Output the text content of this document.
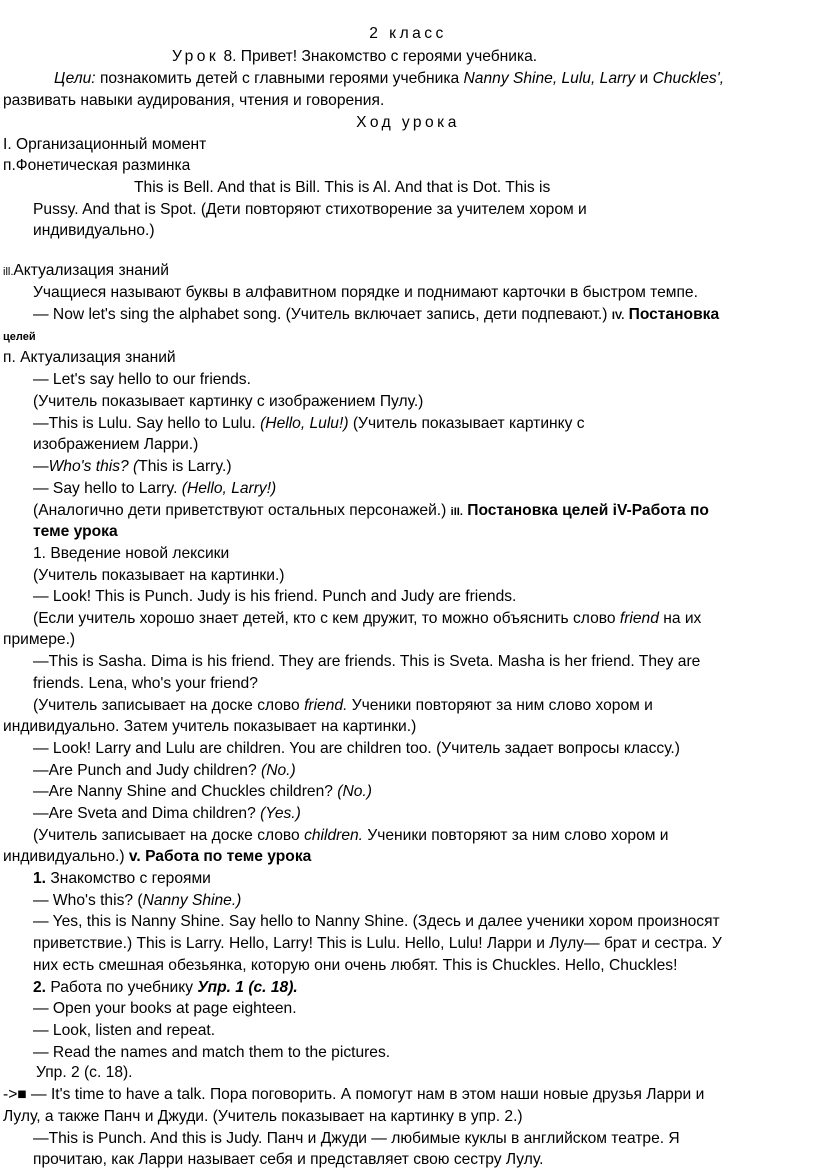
2 класс
Урок 8. Привет! Знакомство с героями учебника.
Цели: познакомить детей с главными героями учебника Nanny Shine, Lulu, Larry и Chuckles',
развивать навыки аудирования, чтения и говорения.
Ход урока
I. Организационный момент
п.Фонетическая разминка
This is Bell. And that is Bill. This is Al. And that is Dot. This is
Pussy. And that is Spot. (Дети повторяют стихотворение за учителем хором и
индивидуально.)
ill.Актуализация знаний
Учащиеся называют буквы в алфавитном порядке и поднимают карточки в быстром темпе.
— Now let's sing the alphabet song. (Учитель включает запись, дети подпевают.) IV. Постановка
целей
п. Актуализация знаний
— Let's say hello to our friends.
(Учитель показывает картинку с изображением Пулу.)
—This is Lulu. Say hello to Lulu. (Hello, Lulu!) (Учитель показывает картинку с
изображением Ларри.)
—Who's this? (This is Larry.)
— Say hello to Larry. (Hello, Larry!)
(Аналогично дети приветствуют остальных персонажей.) iII. Постановка целей iV-Работа по
теме урока
1. Введение новой лексики
(Учитель показывает на картинки.)
— Look! This is Punch. Judy is his friend. Punch and Judy are friends.
(Если учитель хорошо знает детей, кто с кем дружит, то можно объяснить слово friend на их
примере.)
—This is Sasha. Dima is his friend. They are friends. This is Sveta. Masha is her friend. They are
friends. Lena, who's your friend?
(Учитель записывает на доске слово friend. Ученики повторяют за ним слово хором и
индивидуально. Затем учитель показывает на картинки.)
— Look! Larry and Lulu are children. You are children too. (Учитель задает вопросы классу.)
—Are Punch and Judy children? (No.)
—Are Nanny Shine and Chuckles children? (No.)
—Are Sveta and Dima children? (Yes.)
(Учитель записывает на доске слово children. Ученики повторяют за ним слово хором и
индивидуально.) v. Работа по теме урока
1. Знакомство с героями
— Who's this? (Nanny Shine.)
— Yes, this is Nanny Shine. Say hello to Nanny Shine. (Здесь и далее ученики хором произносят
приветствие.) This is Larry. Hello, Larry! This is Lulu. Hello, Lulu! Ларри и Лулу— брат и сестра. У
них есть смешная обезьянка, которую они очень любят. This is Chuckles. Hello, Chuckles!
2. Работа по учебнику Упр. 1 (с. 18).
— Open your books at page eighteen.
— Look, listen and repeat.
— Read the names and match them to the pictures.
Упр. 2 (с. 18).
->■ — It's time to have a talk. Пора поговорить. А помогут нам в этом наши новые друзья Ларри и
Лулу, а также Панч и Джуди. (Учитель показывает на картинку в упр. 2.)
—This is Punch. And this is Judy. Панч и Джуди — любимые куклы в английском театре. Я
прочитаю, как Ларри называет себя и представляет свою сестру Лулу.
